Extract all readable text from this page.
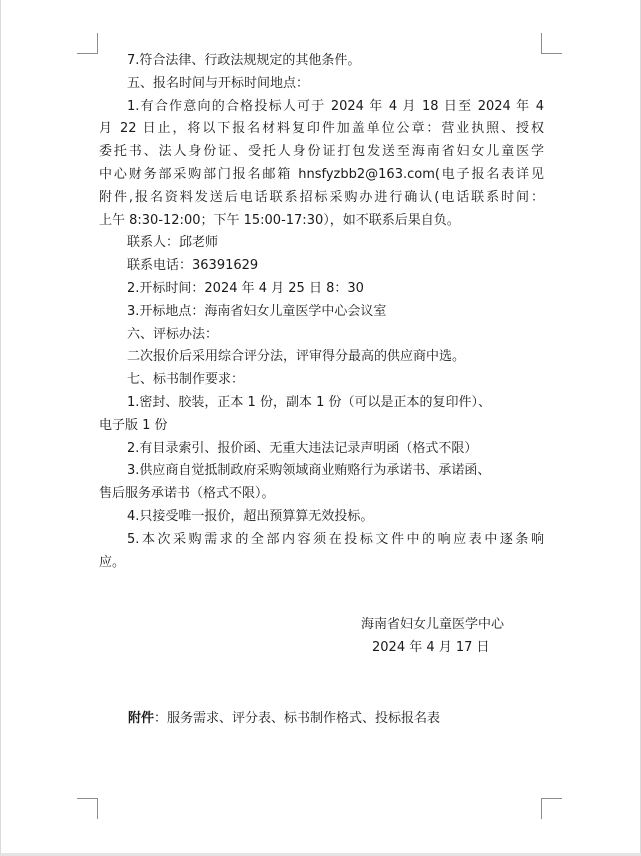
7.符合法律、行政法规规定的其他条件。
五、报名时间与开标时间地点：
1.有合作意向的合格投标人可于 2024 年 4 月 18 日至 2024 年 4
月 22 日止，将以下报名材料复印件加盖单位公章：营业执照、授权
委托书、法人身份证、受托人身份证打包发送至海南省妇女儿童医学
中心财务部采购部门报名邮箱 hnsfyzbb2@163.com(电子报名表详见
附件,报名资料发送后电话联系招标采购办进行确认(电话联系时间：
上午 8:30-12:00；下午 15:00-17:30），如不联系后果自负。
联系人：邱老师
联系电话：36391629
2.开标时间：2024 年 4 月 25 日 8：30
3.开标地点：海南省妇女儿童医学中心会议室
六、评标办法：
二次报价后采用综合评分法，评审得分最高的供应商中选。
七、标书制作要求：
1.密封、胶装，正本 1 份，副本 1 份（可以是正本的复印件）、
电子版 1 份
2.有目录索引、报价函、无重大违法记录声明函（格式不限）
3.供应商自觉抵制政府采购领域商业贿赂行为承诺书、承诺函、
售后服务承诺书（格式不限）。
4.只接受唯一报价，超出预算算无效投标。
5.本次采购需求的全部内容须在投标文件中的响应表中逐条响
应。
海南省妇女儿童医学中心
2024 年 4 月 17 日
附件：服务需求、评分表、标书制作格式、投标报名表
